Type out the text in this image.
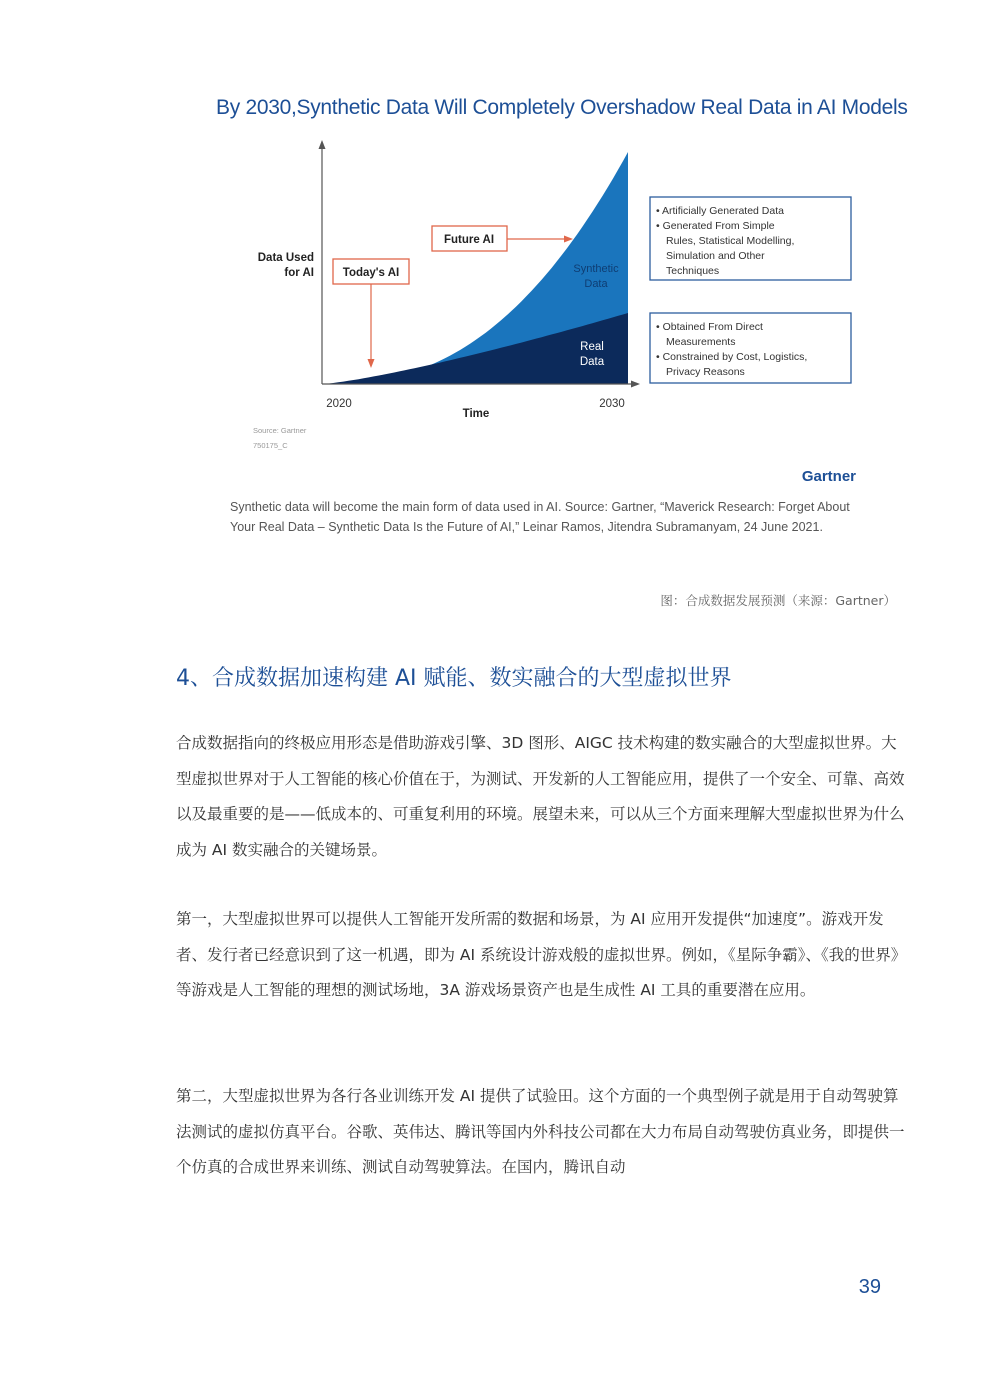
By 2030,Synthetic Data Will Completely Overshadow Real Data in AI Models
Data Used
for AI
2020	2030
Time
Synthetic
Data
Real
Data
Today's AI
Future AI
• Artificially Generated Data
• Generated From Simple
Rules, Statistical Modelling,
Simulation and Other
Techniques
• Obtained From Direct
Measurements
• Constrained by Cost, Logistics,
Privacy Reasons
Source: Gartner
750175_C
Gartner
Synthetic data will become the main form of data used in AI. Source: Gartner, “Maverick Research: Forget About Your Real Data – Synthetic Data Is the Future of AI,” Leinar Ramos, Jitendra Subramanyam, 24 June 2021.
图：合成数据发展预测（来源：Gartner）
4、合成数据加速构建 AI 赋能、数实融合的大型虚拟世界

合成数据指向的终极应用形态是借助游戏引擎、3D 图形、AIGC 技术构建的数实融合的大型虚拟世界。大型虚拟世界对于人工智能的核心价值在于，为测试、开发新的人工智能应用，提供了一个安全、可靠、高效以及最重要的是——低成本的、可重复利用的环境。展望未来，可以从三个方面来理解大型虚拟世界为什么成为 AI 数实融合的关键场景。

第一，大型虚拟世界可以提供人工智能开发所需的数据和场景，为 AI 应用开发提供“加速度”。游戏开发者、发行者已经意识到了这一机遇，即为 AI 系统设计游戏般的虚拟世界。例如，《星际争霸》、《我的世界》等游戏是人工智能的理想的测试场地，3A 游戏场景资产也是生成性 AI 工具的重要潜在应用。

第二，大型虚拟世界为各行各业训练开发 AI 提供了试验田。这个方面的一个典型例子就是用于自动驾驶算法测试的虚拟仿真平台。谷歌、英伟达、腾讯等国内外科技公司都在大力布局自动驾驶仿真业务，即提供一个仿真的合成世界来训练、测试自动驾驶算法。在国内，腾讯自动

39
